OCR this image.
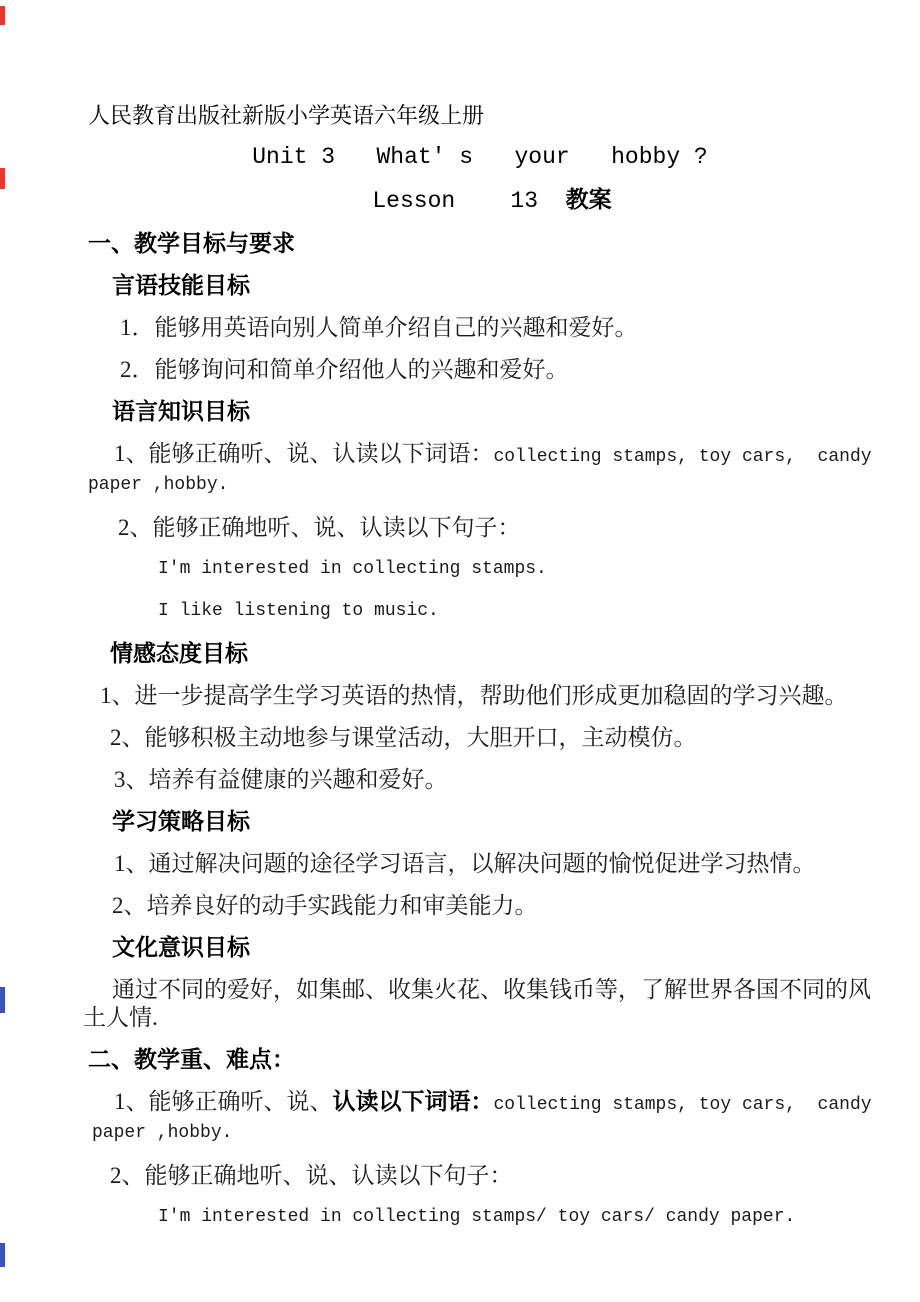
人民教育出版社新版小学英语六年级上册
Unit 3   What' s   your   hobby ?
Lesson    13  教案
一、教学目标与要求
言语技能目标
1．能够用英语向别人简单介绍自己的兴趣和爱好。
2．能够询问和简单介绍他人的兴趣和爱好。
语言知识目标
1、能够正确听、说、认读以下词语：collecting stamps, toy cars,  candy
paper ,hobby.
2、能够正确地听、说、认读以下句子：
I'm interested in collecting stamps.
I like listening to music.
情感态度目标
1、进一步提高学生学习英语的热情，帮助他们形成更加稳固的学习兴趣。
2、能够积极主动地参与课堂活动，大胆开口，主动模仿。
3、培养有益健康的兴趣和爱好。
学习策略目标
1、通过解决问题的途径学习语言，以解决问题的愉悦促进学习热情。
2、培养良好的动手实践能力和审美能力。
文化意识目标
通过不同的爱好，如集邮、收集火花、收集钱币等，了解世界各国不同的风
土人情.
二、教学重、难点：
1、能够正确听、说、认读以下词语：collecting stamps, toy cars,  candy
paper ,hobby.
2、能够正确地听、说、认读以下句子：
I'm interested in collecting stamps/ toy cars/ candy paper.
